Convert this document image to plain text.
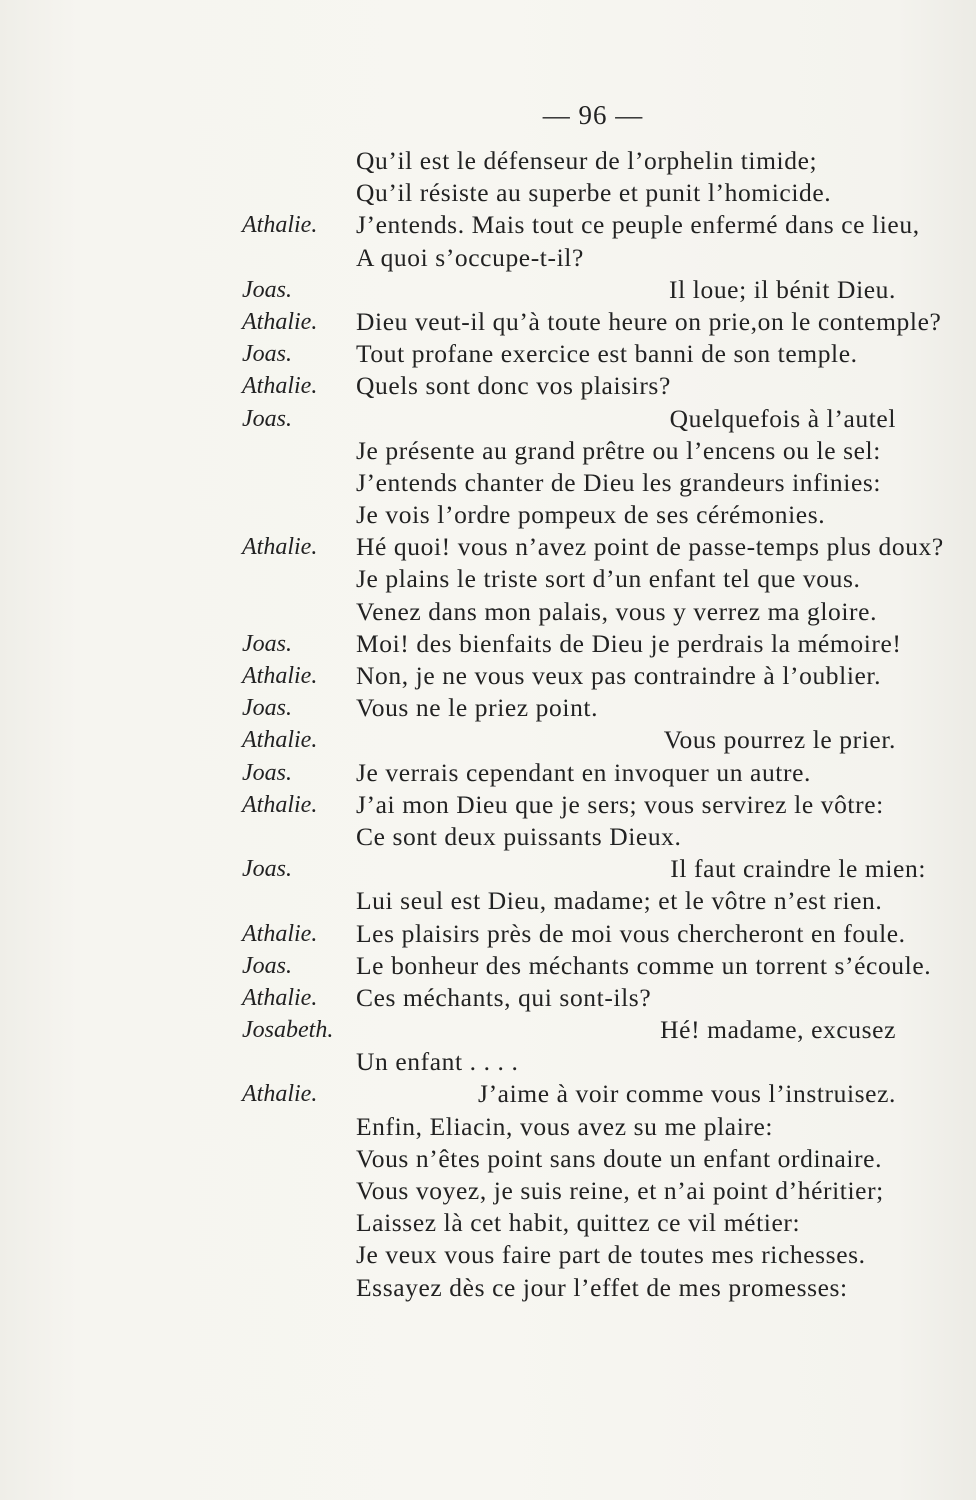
— 96 —
Qu’il est le défenseur de l’orphelin timide;
Qu’il résiste au superbe et punit l’homicide.
Athalie. J’entends. Mais tout ce peuple enfermé dans ce lieu,
A quoi s’occupe-t-il?
Joas.	Il loue; il bénit Dieu.
Athalie. Dieu veut-il qu’à toute heure on prie,on le contemple?
Joas.	Tout profane exercice est banni de son temple.
Athalie. Quels sont donc vos plaisirs?
Joas.	Quelquefois à l’autel
Je présente au grand prêtre ou l’encens ou le sel:
J’entends chanter de Dieu les grandeurs infinies:
Je vois l’ordre pompeux de ses cérémonies.
Athalie. Hé quoi! vous n’avez point de passe-temps plus doux?
Je plains le triste sort d’un enfant tel que vous.
Venez dans mon palais, vous y verrez ma gloire.
Joas.	Moi! des bienfaits de Dieu je perdrais la mémoire!
Athalie. Non, je ne vous veux pas contraindre à l’oublier.
Joas.	Vous ne le priez point.
Athalie.	Vous pourrez le prier.
Joas.	Je verrais cependant en invoquer un autre.
Athalie. J’ai mon Dieu que je sers; vous servirez le vôtre:
Ce sont deux puissants Dieux.
Joas.	Il faut craindre le mien:
Lui seul est Dieu, madame; et le vôtre n’est rien.
Athalie. Les plaisirs près de moi vous chercheront en foule.
Joas.	Le bonheur des méchants comme un torrent s’écoule.
Athalie. Ces méchants, qui sont-ils?
Josabeth.	Hé! madame, excusez
Un enfant . . . .
Athalie.	J’aime à voir comme vous l’instruisez.
Enfin, Eliacin, vous avez su me plaire:
Vous n’êtes point sans doute un enfant ordinaire.
Vous voyez, je suis reine, et n’ai point d’héritier;
Laissez là cet habit, quittez ce vil métier:
Je veux vous faire part de toutes mes richesses.
Essayez dès ce jour l’effet de mes promesses:
